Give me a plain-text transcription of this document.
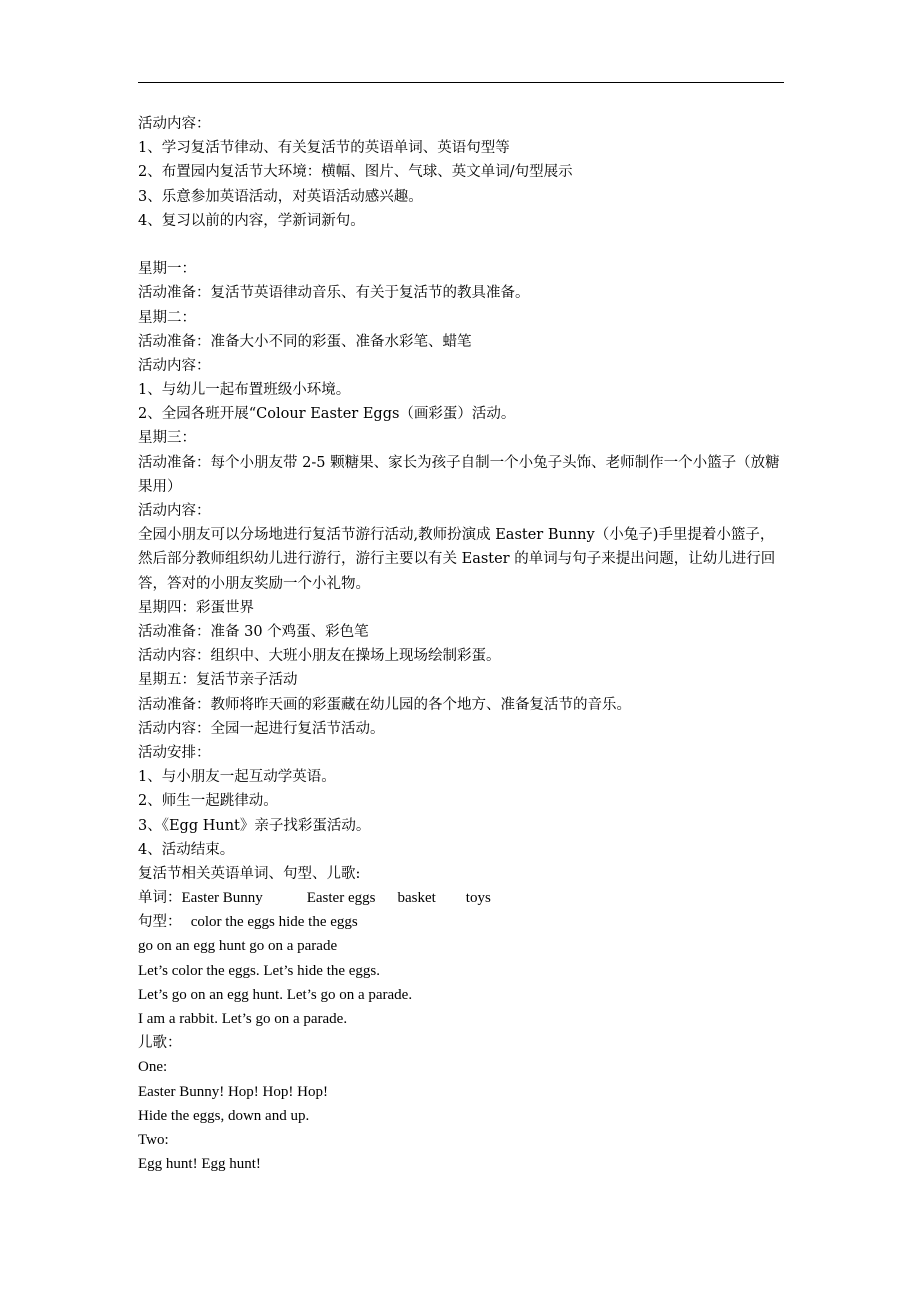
活动内容：
1、学习复活节律动、有关复活节的英语单词、英语句型等
2、布置园内复活节大环境：横幅、图片、气球、英文单词/句型展示
3、乐意参加英语活动，对英语活动感兴趣。
4、复习以前的内容，学新词新句。
星期一：
活动准备：复活节英语律动音乐、有关于复活节的教具准备。
星期二：
活动准备：准备大小不同的彩蛋、准备水彩笔、蜡笔
活动内容：
1、与幼儿一起布置班级小环境。
2、全园各班开展“Colour Easter Eggs（画彩蛋）活动。
星期三：
活动准备：每个小朋友带 2-5 颗糖果、家长为孩子自制一个小兔子头饰、老师制作一个小篮子（放糖果用）
活动内容：
全园小朋友可以分场地进行复活节游行活动,教师扮演成 Easter Bunny（小兔子)手里提着小篮子，然后部分教师组织幼儿进行游行，游行主要以有关 Easter 的单词与句子来提出问题，让幼儿进行回答，答对的小朋友奖励一个小礼物。
星期四：彩蛋世界
活动准备：准备 30 个鸡蛋、彩色笔
活动内容：组织中、大班小朋友在操场上现场绘制彩蛋。
星期五：复活节亲子活动
活动准备：教师将昨天画的彩蛋藏在幼儿园的各个地方、准备复活节的音乐。
活动内容：全园一起进行复活节活动。
活动安排：
1、与小朋友一起互动学英语。
2、师生一起跳律动。
3、《Egg Hunt》亲子找彩蛋活动。
4、活动结束。
复活节相关英语单词、句型、儿歌:
单词：Easter Bunny	Easter eggs basket toys
句型： color the eggs hide the eggs
go on an egg hunt go on a parade
Let’s color the eggs. Let’s hide the eggs.
Let’s go on an egg hunt. Let’s go on a parade.
I am a rabbit. Let’s go on a parade.
儿歌：
One:
Easter Bunny! Hop! Hop! Hop!
Hide the eggs, down and up.
Two:
Egg hunt! Egg hunt!
